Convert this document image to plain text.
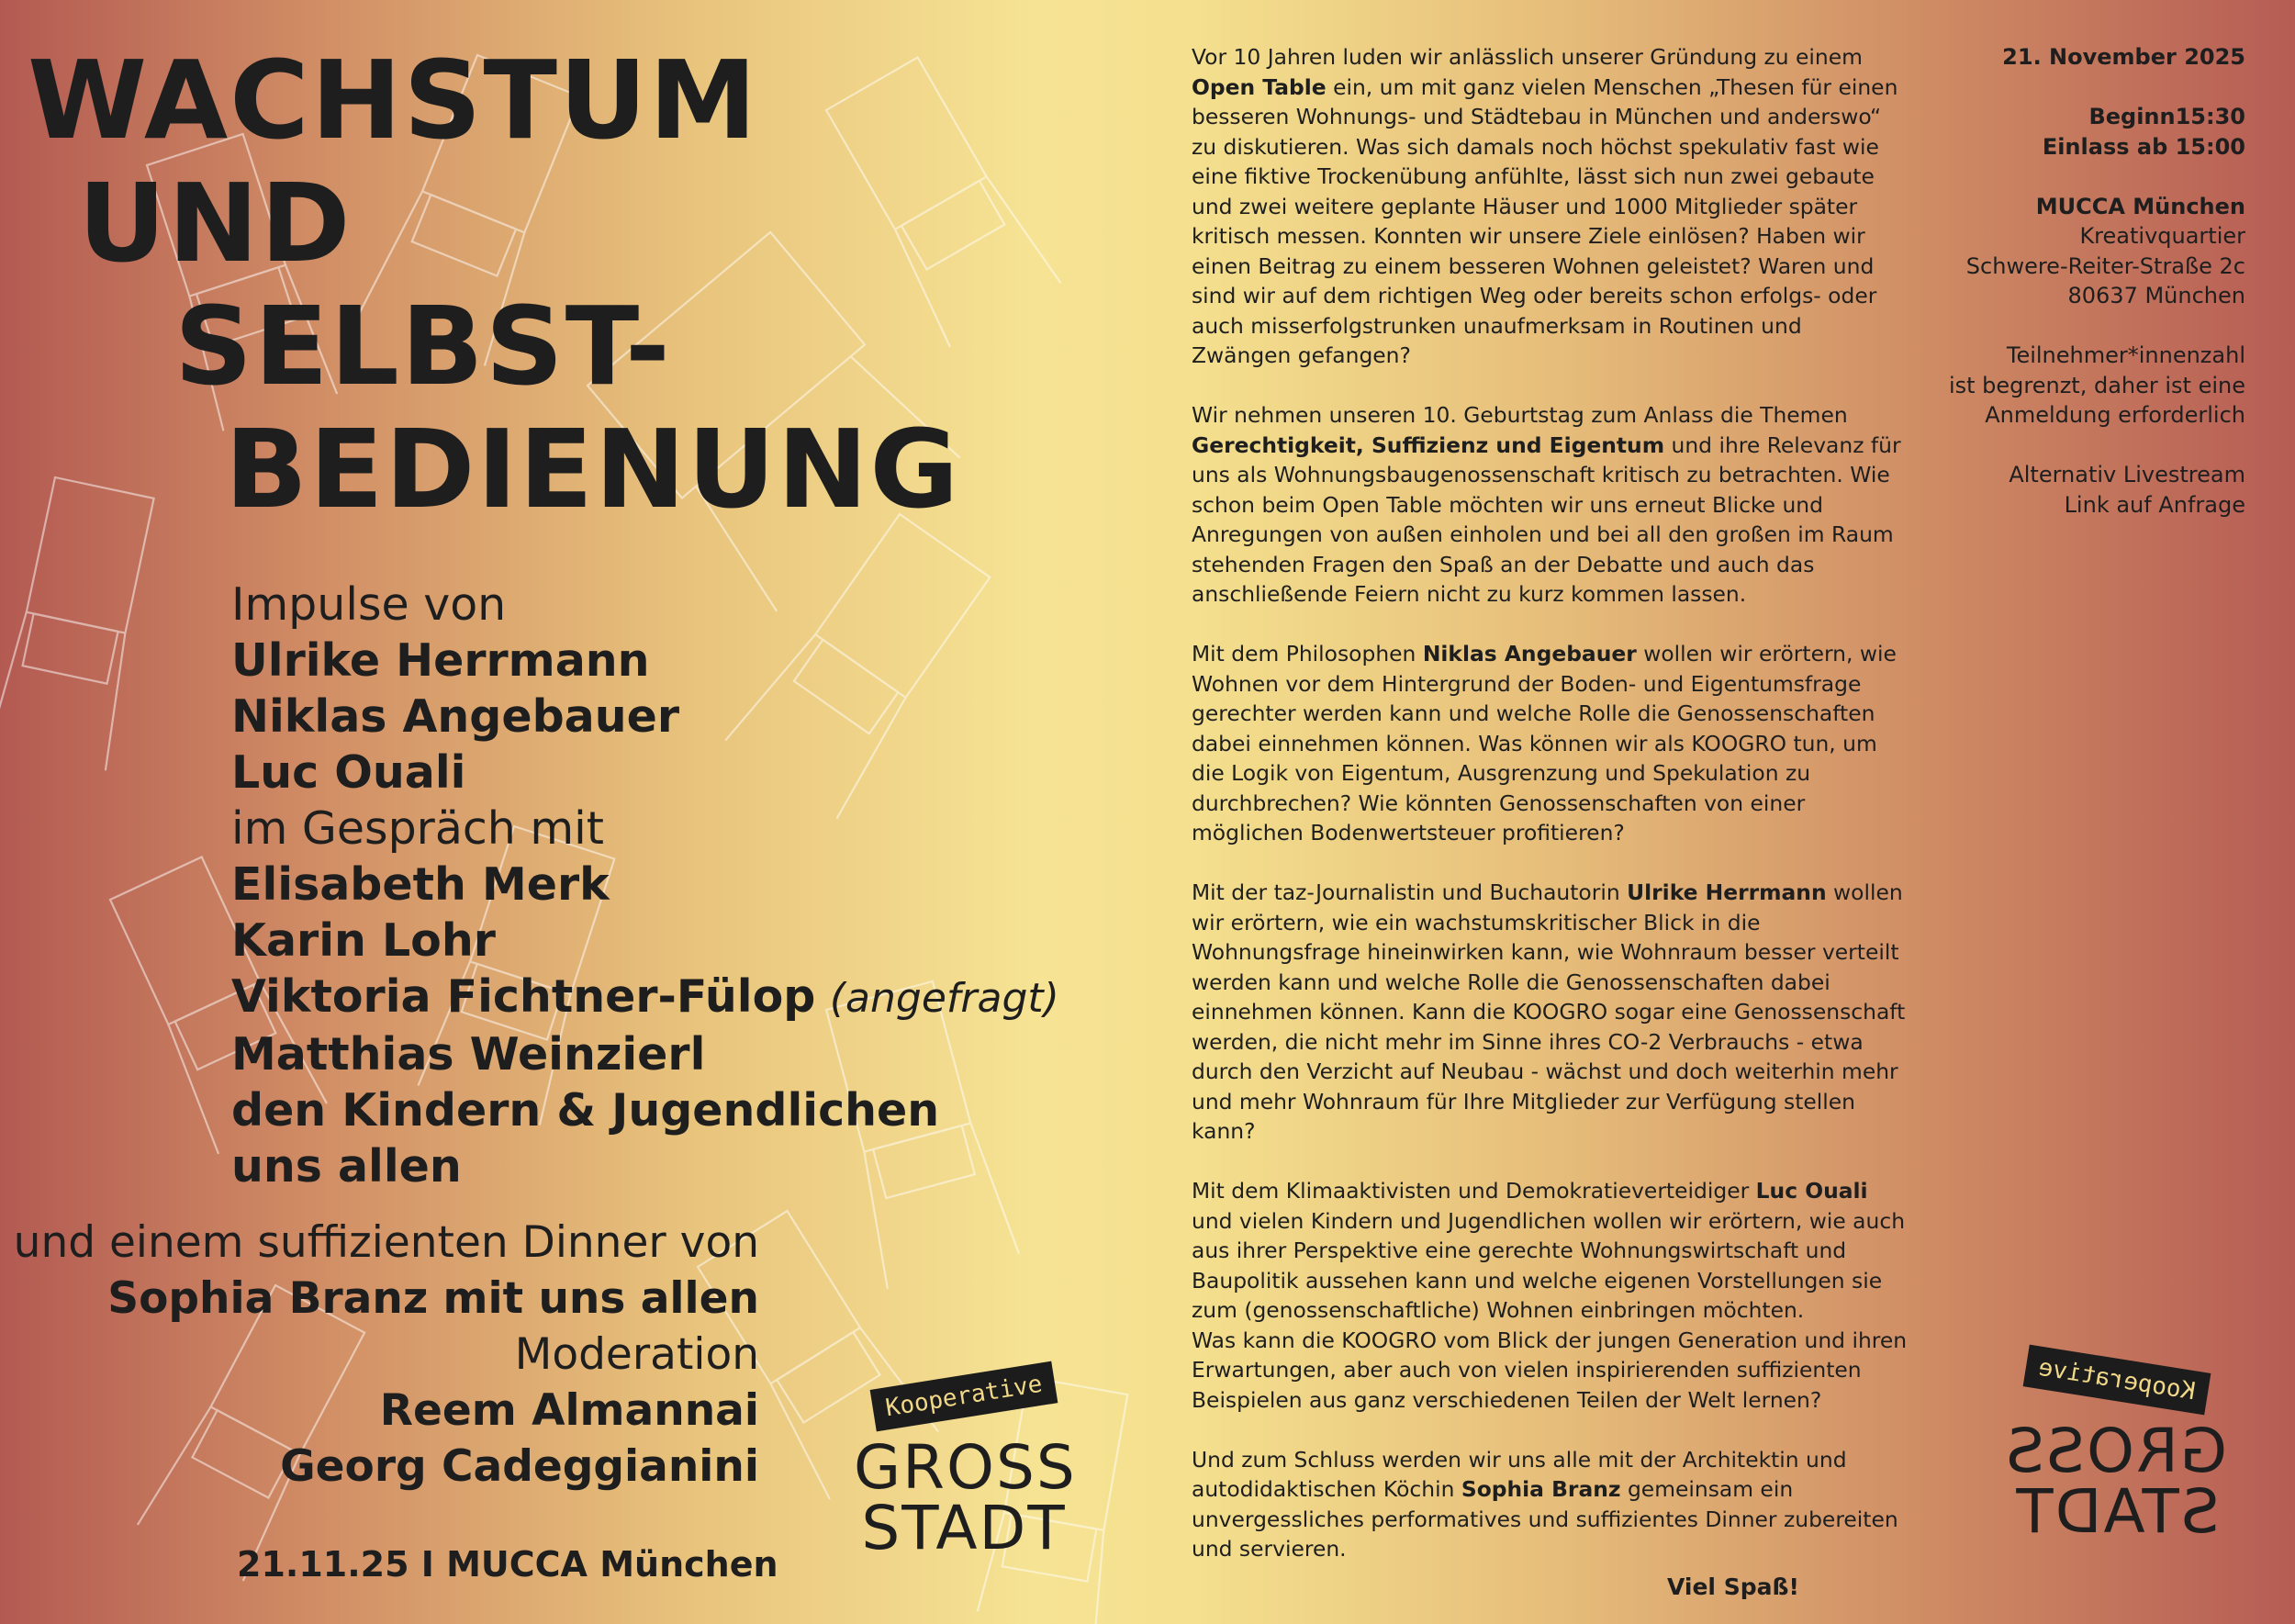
WACHSTUM
UND
SELBST-
BEDIENUNG
Impulse von
Ulrike Herrmann
Niklas Angebauer
Luc Ouali
im Gespräch mit
Elisabeth Merk
Karin Lohr
Viktoria Fichtner-Fülop (angefragt)
Matthias Weinzierl
den Kindern & Jugendlichen
uns allen
und einem suffizienten Dinner von
Sophia Branz mit uns allen
Moderation
Reem Almannai
Georg Cadeggianini
21.11.25 I MUCCA München
Kooperative
GROSS
STADT

Vor 10 Jahren luden wir anlässlich unserer Gründung zu einem Open Table ein, um mit ganz vielen Menschen „Thesen für einen besseren Wohnungs- und Städtebau in München und anderswo“ zu diskutieren. Was sich damals noch höchst spekulativ fast wie eine fiktive Trockenübung anfühlte, lässt sich nun zwei gebaute und zwei weitere geplante Häuser und 1000 Mitglieder später kritisch messen. Konnten wir unsere Ziele einlösen? Haben wir einen Beitrag zu einem besseren Wohnen geleistet? Waren und sind wir auf dem richtigen Weg oder bereits schon erfolgs- oder auch misserfolgstrunken unaufmerksam in Routinen und Zwängen gefangen?

Wir nehmen unseren 10. Geburtstag zum Anlass die Themen Gerechtigkeit, Suffizienz und Eigentum und ihre Relevanz für uns als Wohnungsbaugenossenschaft kritisch zu betrachten. Wie schon beim Open Table möchten wir uns erneut Blicke und Anregungen von außen einholen und bei all den großen im Raum stehenden Fragen den Spaß an der Debatte und auch das anschließende Feiern nicht zu kurz kommen lassen.

Mit dem Philosophen Niklas Angebauer wollen wir erörtern, wie Wohnen vor dem Hintergrund der Boden- und Eigentumsfrage gerechter werden kann und welche Rolle die Genossenschaften dabei einnehmen können. Was können wir als KOOGRO tun, um die Logik von Eigentum, Ausgrenzung und Spekulation zu durchbrechen? Wie könnten Genossenschaften von einer möglichen Bodenwertsteuer profitieren?

Mit der taz-Journalistin und Buchautorin Ulrike Herrmann wollen wir erörtern, wie ein wachstumskritischer Blick in die Wohnungsfrage hineinwirken kann, wie Wohnraum besser verteilt werden kann und welche Rolle die Genossenschaften dabei einnehmen können. Kann die KOOGRO sogar eine Genossenschaft werden, die nicht mehr im Sinne ihres CO-2 Verbrauchs - etwa durch den Verzicht auf Neubau - wächst und doch weiterhin mehr und mehr Wohnraum für Ihre Mitglieder zur Verfügung stellen kann?

Mit dem Klimaaktivisten und Demokratieverteidiger Luc Ouali und vielen Kindern und Jugendlichen wollen wir erörtern, wie auch aus ihrer Perspektive eine gerechte Wohnungswirtschaft und Baupolitik aussehen kann und welche eigenen Vorstellungen sie zum (genossenschaftliche) Wohnen einbringen möchten.

Was kann die KOOGRO vom Blick der jungen Generation und ihren Erwartungen, aber auch von vielen inspirierenden suffizienten Beispielen aus ganz verschiedenen Teilen der Welt lernen?

Und zum Schluss werden wir uns alle mit der Architektin und autodidaktischen Köchin Sophia Branz gemeinsam ein unvergessliches performatives und suffizientes Dinner zubereiten und servieren.

Viel Spaß!
21. November 2025
Beginn15:30
Einlass ab 15:00
MUCCA München
Kreativquartier
Schwere-Reiter-Straße 2c
80637 München
Teilnehmer*innenzahl
ist begrenzt, daher ist eine
Anmeldung erforderlich
Alternativ Livestream
Link auf Anfrage
Kooperative
GROSS
STADT
